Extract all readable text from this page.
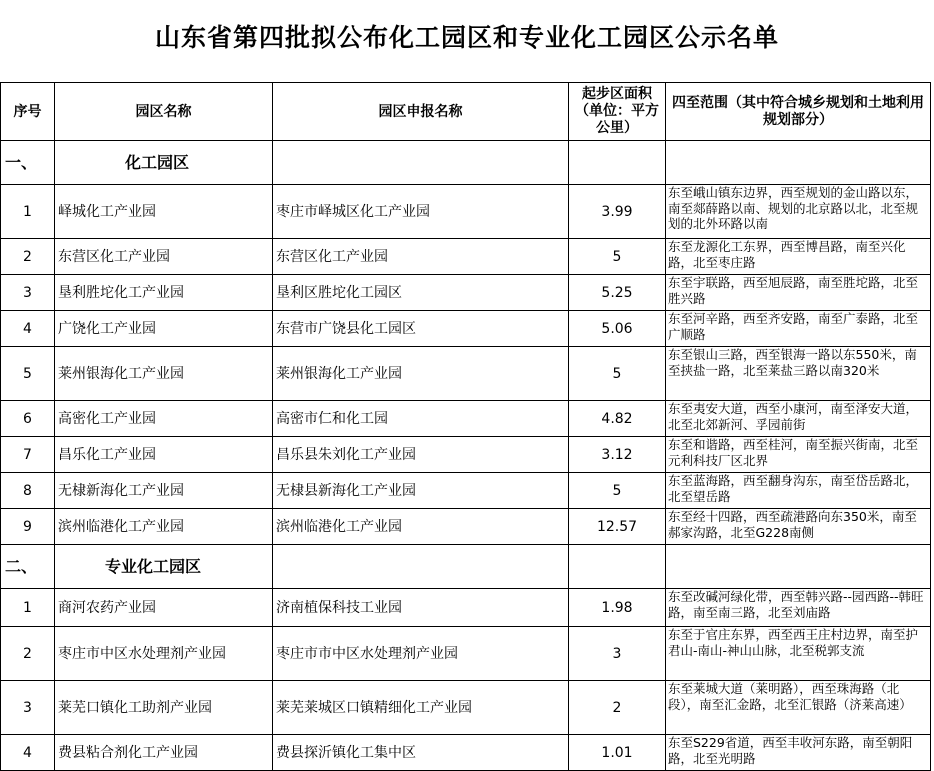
山东省第四批拟公布化工园区和专业化工园区公示名单
序号	园区名称	园区申报名称	起步区面积（单位：平方公里）	四至范围（其中符合城乡规划和土地利用规划部分）
一、	化工园区			
1	峄城化工产业园	枣庄市峄城区化工产业园	3.99	东至峨山镇东边界，西至规划的金山路以东，南至郯薛路以南、规划的北京路以北，北至规划的北外环路以南
2	东营区化工产业园	东营区化工产业园	5	东至龙源化工东界，西至博昌路，南至兴化路，北至枣庄路
3	垦利胜坨化工产业园	垦利区胜坨化工园区	5.25	东至宇联路，西至旭辰路，南至胜坨路，北至胜兴路
4	广饶化工产业园	东营市广饶县化工园区	5.06	东至河辛路，西至齐安路，南至广泰路，北至广顺路
5	莱州银海化工产业园	莱州银海化工产业园	5	东至银山三路，西至银海一路以东550米，南至挟盐一路，北至莱盐三路以南320米
6	高密化工产业园	高密市仁和化工园	4.82	东至夷安大道，西至小康河，南至泽安大道，北至北郊新河、孚园前街
7	昌乐化工产业园	昌乐县朱刘化工产业园	3.12	东至和谐路，西至桂河，南至振兴街南，北至元利科技厂区北界
8	无棣新海化工产业园	无棣县新海化工产业园	5	东至蓝海路，西至翻身沟东，南至岱岳路北，北至望岳路
9	滨州临港化工产业园	滨州临港化工产业园	12.57	东至经十四路，西至疏港路向东350米，南至郝家沟路，北至G228南侧
二、	专业化工园区			
1	商河农药产业园	济南植保科技工业园	1.98	东至改碱河绿化带，西至韩兴路--园西路--韩旺路，南至南三路，北至刘庙路
2	枣庄市中区水处理剂产业园	枣庄市市中区水处理剂产业园	3	东至于官庄东界，西至西王庄村边界，南至护君山-南山-神山山脉，北至税郭支流
3	莱芜口镇化工助剂产业园	莱芜莱城区口镇精细化工产业园	2	东至莱城大道（莱明路），西至珠海路（北段），南至汇金路，北至汇银路（济莱高速）
4	费县粘合剂化工产业园	费县探沂镇化工集中区	1.01	东至S229省道，西至丰收河东路，南至朝阳路，北至光明路
